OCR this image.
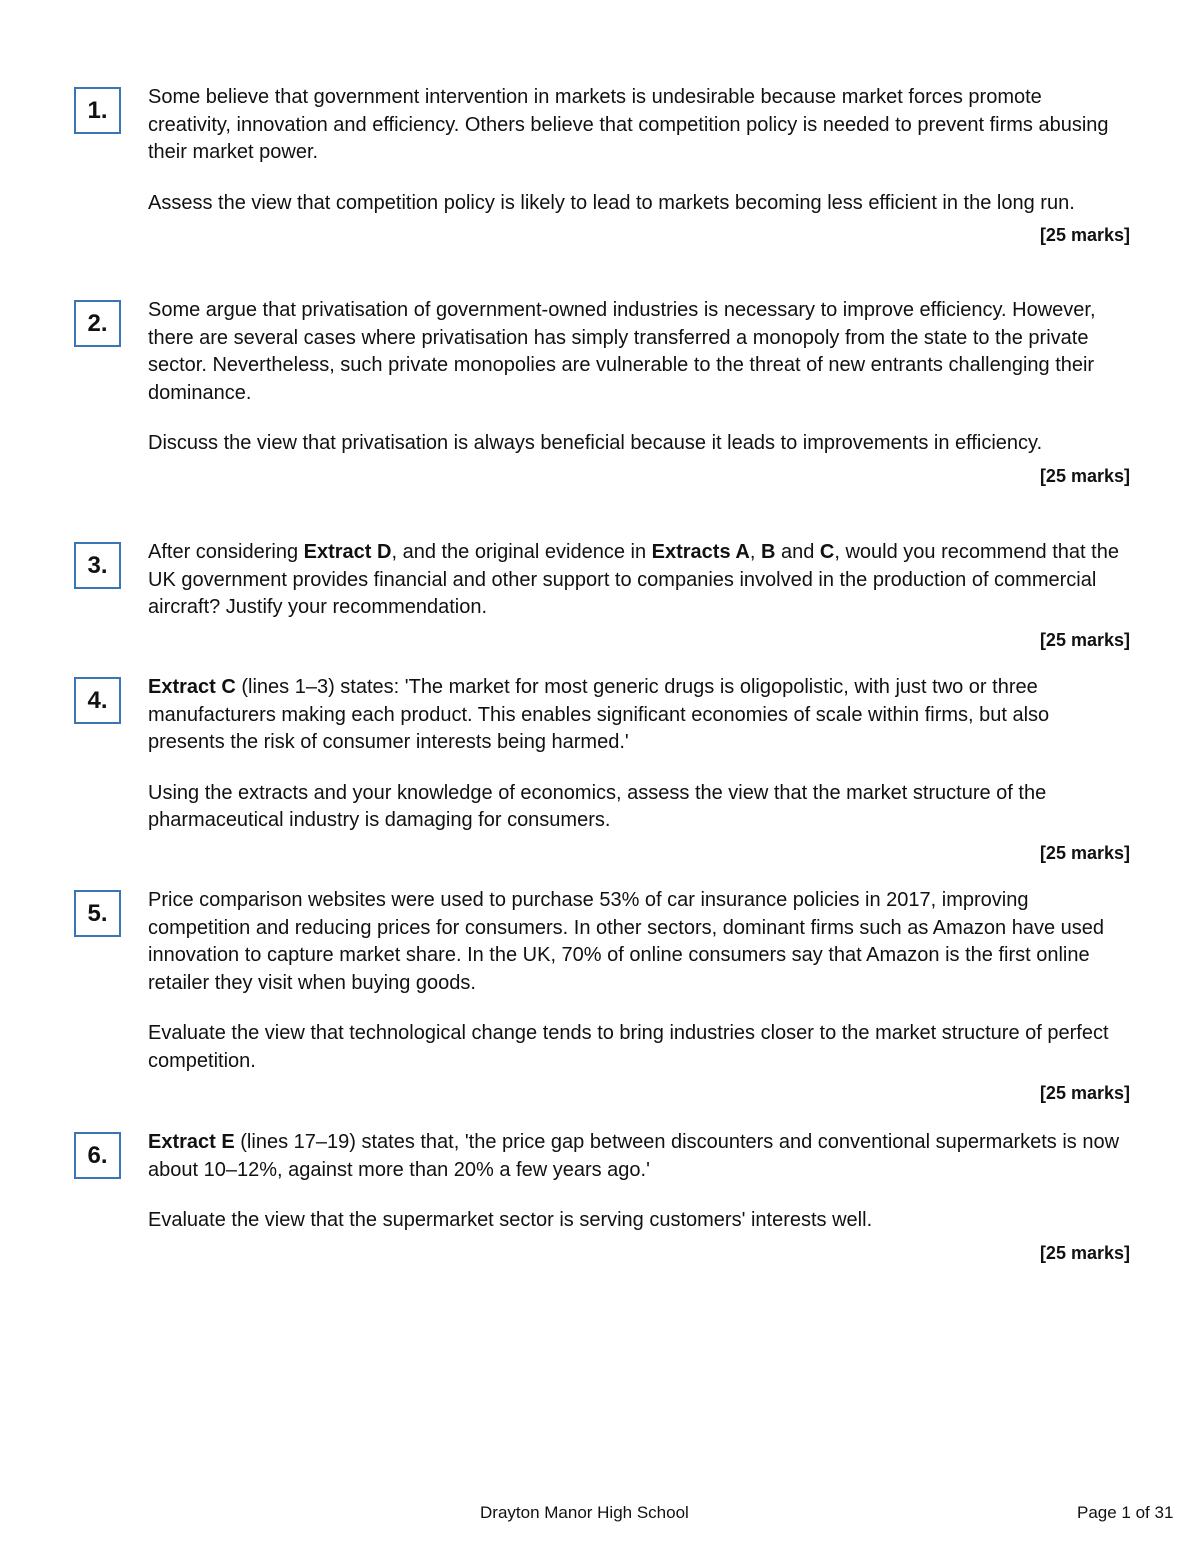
1.	Some believe that government intervention in markets is undesirable because market forces promote creativity, innovation and efficiency. Others believe that competition policy is needed to prevent firms abusing their market power.

Assess the view that competition policy is likely to lead to markets becoming less efficient in the long run.

[25 marks]
2.	Some argue that privatisation of government-owned industries is necessary to improve efficiency. However, there are several cases where privatisation has simply transferred a monopoly from the state to the private sector. Nevertheless, such private monopolies are vulnerable to the threat of new entrants challenging their dominance.

Discuss the view that privatisation is always beneficial because it leads to improvements in efficiency.

[25 marks]
3.	After considering Extract D, and the original evidence in Extracts A, B and C, would you recommend that the UK government provides financial and other support to companies involved in the production of commercial aircraft? Justify your recommendation.

[25 marks]
4.	Extract C (lines 1–3) states: 'The market for most generic drugs is oligopolistic, with just two or three manufacturers making each product. This enables significant economies of scale within firms, but also presents the risk of consumer interests being harmed.'

Using the extracts and your knowledge of economics, assess the view that the market structure of the pharmaceutical industry is damaging for consumers.

[25 marks]
5.	Price comparison websites were used to purchase 53% of car insurance policies in 2017, improving competition and reducing prices for consumers. In other sectors, dominant firms such as Amazon have used innovation to capture market share. In the UK, 70% of online consumers say that Amazon is the first online retailer they visit when buying goods.

Evaluate the view that technological change tends to bring industries closer to the market structure of perfect competition.

[25 marks]
6.	Extract E (lines 17–19) states that, 'the price gap between discounters and conventional supermarkets is now about 10–12%, against more than 20% a few years ago.'

Evaluate the view that the supermarket sector is serving customers' interests well.

[25 marks]
Drayton Manor High School	Page 1 of 31
